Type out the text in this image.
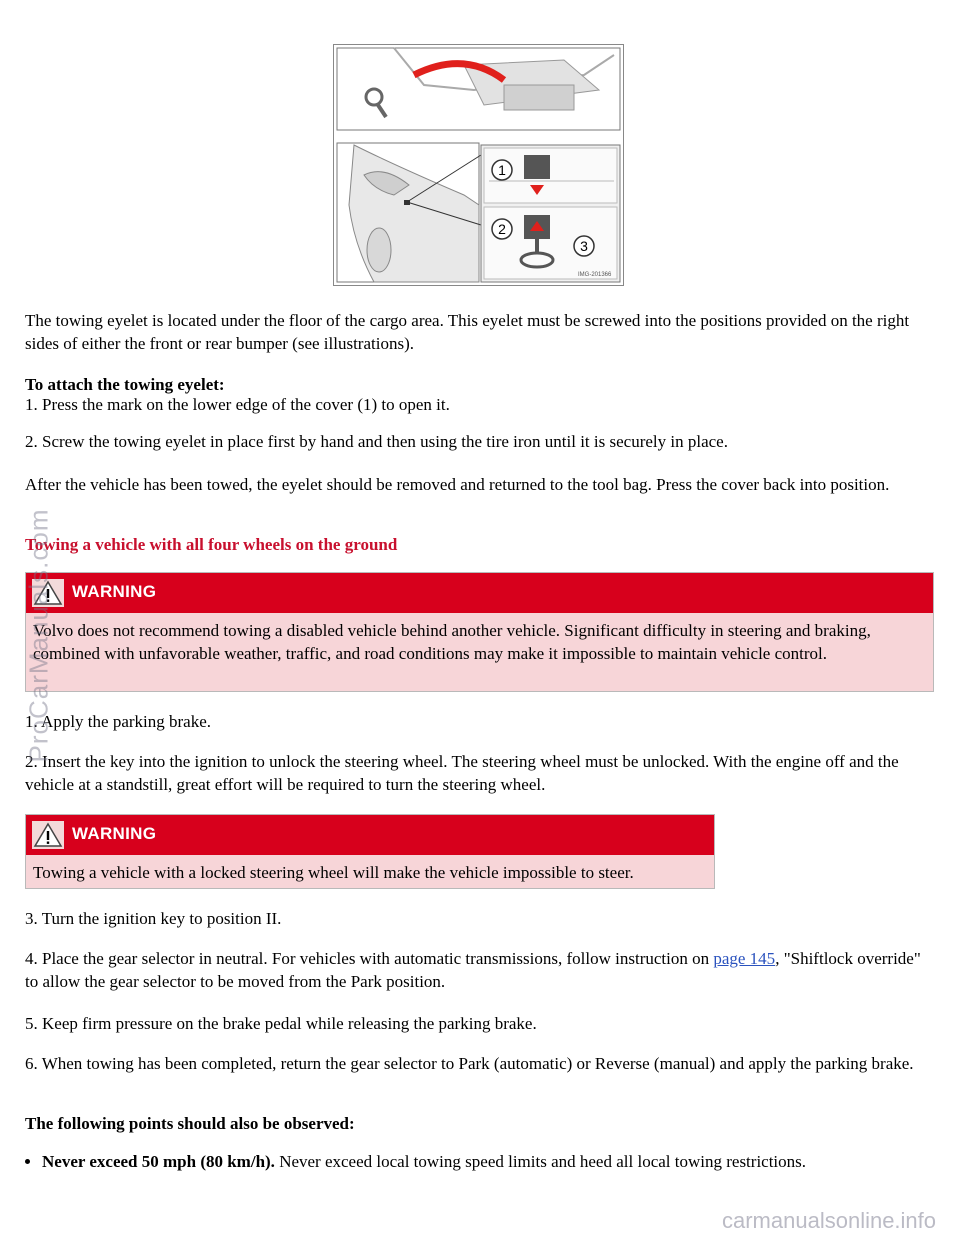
1
2
3
IMG-201366

The towing eyelet is located under the floor of the cargo area. This eyelet must be screwed into the positions provided on the right sides of either the front or rear bumper (see illustrations).

To attach the towing eyelet:

1. Press the mark on the lower edge of the cover (1) to open it.

2. Screw the towing eyelet in place first by hand and then using the tire iron until it is securely in place.

After the vehicle has been towed, the eyelet should be removed and returned to the tool bag. Press the cover back into position.

Towing a vehicle with all four wheels on the ground

WARNING
Volvo does not recommend towing a disabled vehicle behind another vehicle. Significant difficulty in steering and braking, combined with unfavorable weather, traffic, and road conditions may make it impossible to maintain vehicle control.

1. Apply the parking brake.

2. Insert the key into the ignition to unlock the steering wheel. The steering wheel must be unlocked. With the engine off and the vehicle at a standstill, great effort will be required to turn the steering wheel.

WARNING
Towing a vehicle with a locked steering wheel will make the vehicle impossible to steer.

3. Turn the ignition key to position II.

4. Place the gear selector in neutral. For vehicles with automatic transmissions, follow instruction on page 145, "Shiftlock override" to allow the gear selector to be moved from the Park position.

5. Keep firm pressure on the brake pedal while releasing the parking brake.

6. When towing has been completed, return the gear selector to Park (automatic) or Reverse (manual) and apply the parking brake.

The following points should also be observed:

• Never exceed 50 mph (80 km/h). Never exceed local towing speed limits and heed all local towing restrictions.
ProCarManuals.com
carmanualsonline.info
